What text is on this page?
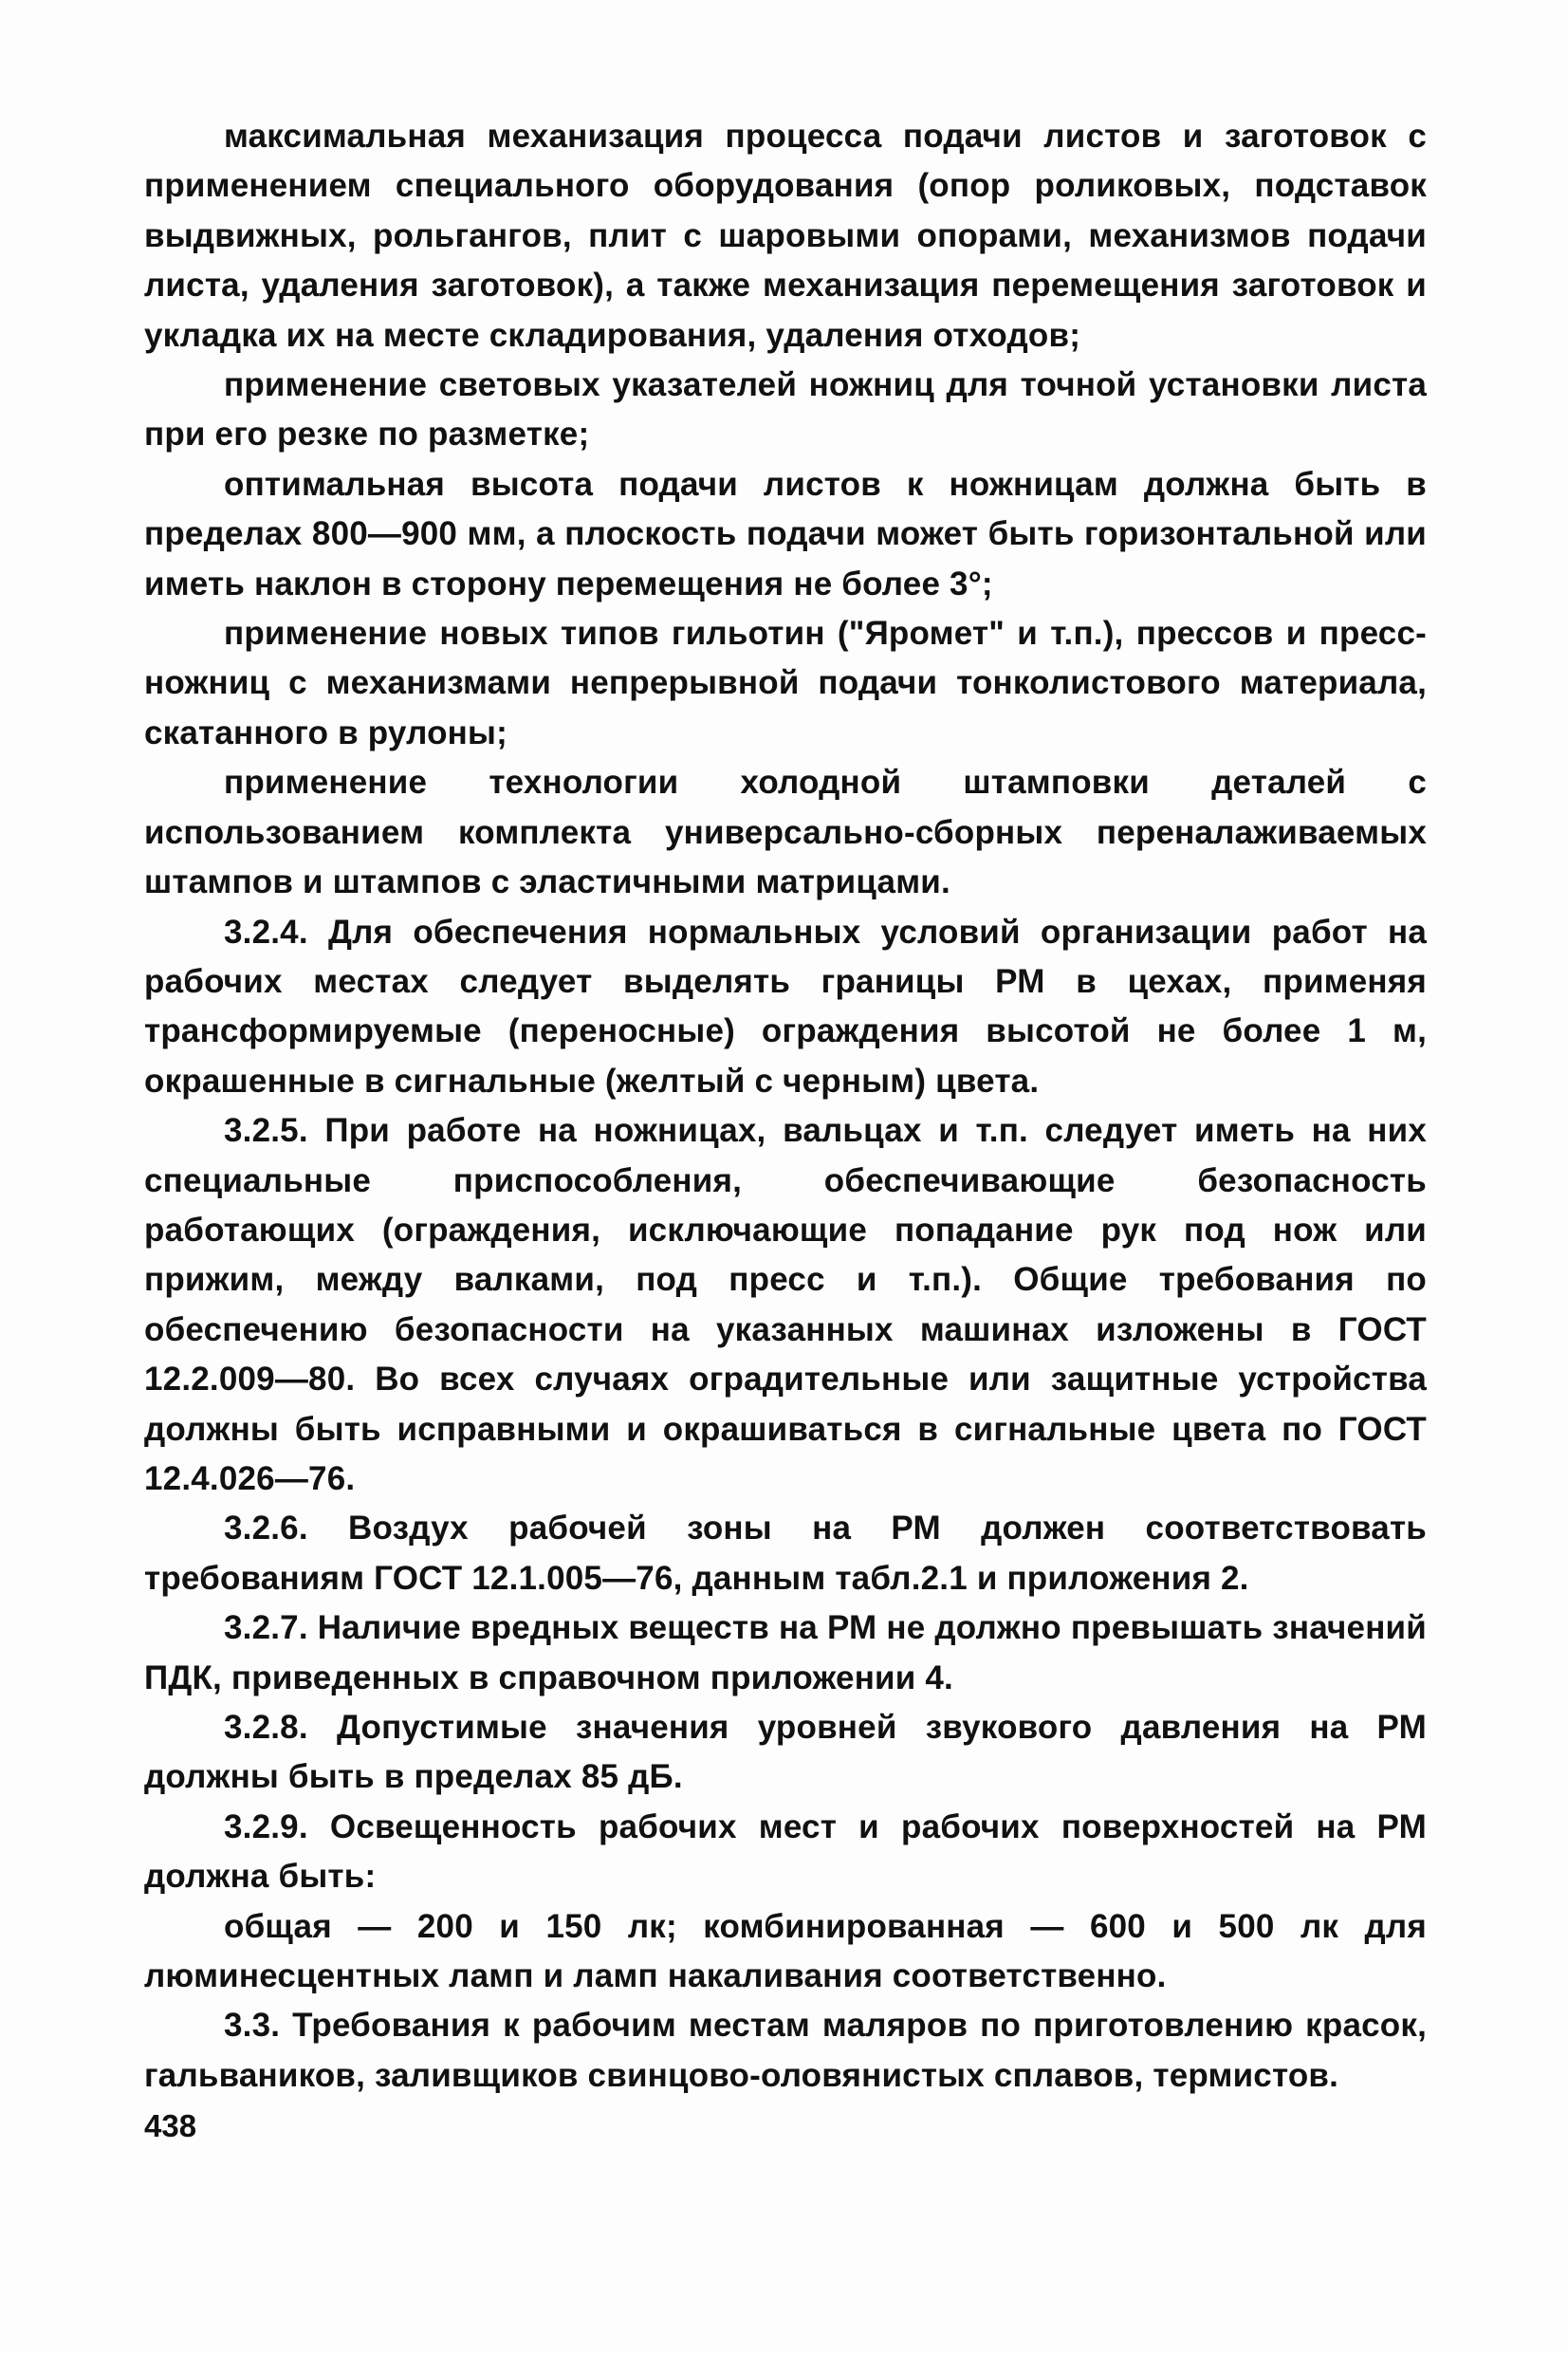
максимальная механизация процесса подачи листов и заготовок с применением специального оборудования (опор роликовых, подставок выдвижных, рольгангов, плит с шаровыми опорами, механизмов подачи листа, удаления заготовок), а также механизация перемещения заготовок и укладка их на месте складирования, удаления отходов;

применение световых указателей ножниц для точной установки листа при его резке по разметке;

оптимальная высота подачи листов к ножницам должна быть в пределах 800—900 мм, а плоскость подачи может быть горизонтальной или иметь наклон в сторону перемещения не более 3°;

применение новых типов гильотин ("Яромет" и т.п.), прессов и пресс-ножниц с механизмами непрерывной подачи тонколистового материала, скатанного в рулоны;

применение технологии холодной штамповки деталей с использованием комплекта универсально-сборных переналаживаемых штампов и штампов с эластичными матрицами.

3.2.4. Для обеспечения нормальных условий организации работ на рабочих местах следует выделять границы РМ в цехах, применяя трансформируемые (переносные) ограждения высотой не более 1 м, окрашенные в сигнальные (желтый с черным) цвета.

3.2.5. При работе на ножницах, вальцах и т.п. следует иметь на них специальные приспособления, обеспечивающие безопасность работающих (ограждения, исключающие попадание рук под нож или прижим, между валками, под пресс и т.п.). Общие требования по обеспечению безопасности на указанных машинах изложены в ГОСТ 12.2.009—80. Во всех случаях оградительные или защитные устройства должны быть исправными и окрашиваться в сигнальные цвета по ГОСТ 12.4.026—76.

3.2.6. Воздух рабочей зоны на РМ должен соответствовать требованиям ГОСТ 12.1.005—76, данным табл.2.1 и приложения 2.

3.2.7. Наличие вредных веществ на РМ не должно превышать значений ПДК, приведенных в справочном приложении 4.

3.2.8. Допустимые значения уровней звукового давления на РМ должны быть в пределах 85 дБ.

3.2.9. Освещенность рабочих мест и рабочих поверхностей на РМ должна быть:

общая — 200 и 150 лк; комбинированная — 600 и 500 лк для люминесцентных ламп и ламп накаливания соответственно.

3.3. Требования к рабочим местам маляров по приготовлению красок, гальваников, заливщиков свинцово-оловянистых сплавов, термистов.

438
